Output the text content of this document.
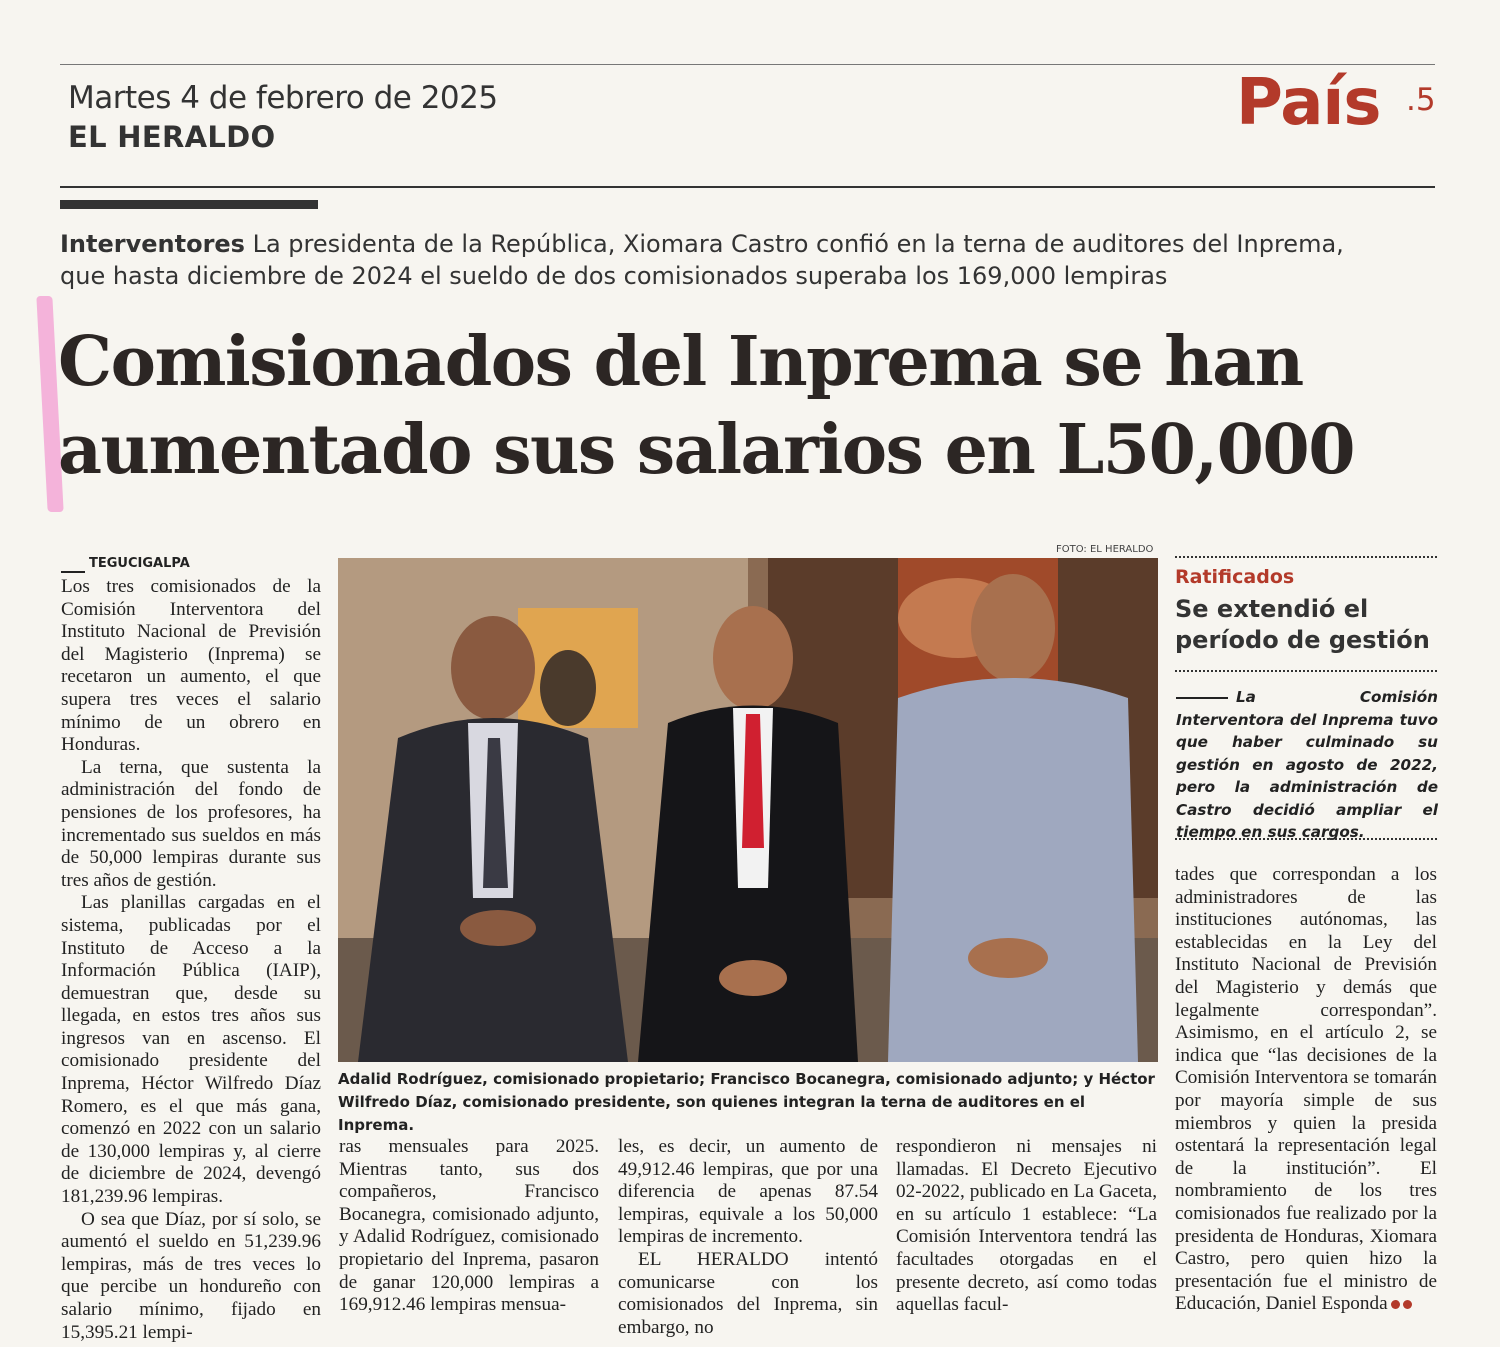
Martes 4 de febrero de 2025
EL HERALDO	País .5
Interventores La presidenta de la República, Xiomara Castro confió en la terna de auditores del Inprema,
que hasta diciembre de 2024 el sueldo de dos comisionados superaba los 169,000 lempiras
Comisionados del Inprema se han
aumentado sus salarios en L50,000
TEGUCIGALPA

Los tres comisionados de la Comisión Interventora del Instituto Nacional de Previsión del Magisterio (Inprema) se recetaron un aumento, el que supera tres veces el salario mínimo de un obrero en Honduras.

La terna, que sustenta la administración del fondo de pensiones de los profesores, ha incrementado sus sueldos en más de 50,000 lempiras durante sus tres años de gestión.

Las planillas cargadas en el sistema, publicadas por el Instituto de Acceso a la Información Pública (IAIP), demuestran que, desde su llegada, en estos tres años sus ingresos van en ascenso. El comisionado presidente del Inprema, Héctor Wilfredo Díaz Romero, es el que más gana, comenzó en 2022 con un salario de 130,000 lempiras y, al cierre de diciembre de 2024, devengó 181,239.96 lempiras.

O sea que Díaz, por sí solo, se aumentó el sueldo en 51,239.96 lempiras, más de tres veces lo que percibe un hondureño con salario mínimo, fijado en 15,395.21 lempi-

FOTO: EL HERALDO
Adalid Rodríguez, comisionado propietario; Francisco Bocanegra, comisionado adjunto; y Héctor Wilfredo Díaz, comisionado presidente, son quienes integran la terna de auditores en el Inprema.

ras mensuales para 2025. Mientras tanto, sus dos compañeros, Francisco Bocanegra, comisionado adjunto, y Adalid Rodríguez, comisionado propietario del Inprema, pasaron de ganar 120,000 lempiras a 169,912.46 lempiras mensua-

les, es decir, un aumento de 49,912.46 lempiras, que por una diferencia de apenas 87.54 lempiras, equivale a los 50,000 lempiras de incremento.

EL HERALDO intentó comunicarse con los comisionados del Inprema, sin embargo, no

respondieron ni mensajes ni llamadas. El Decreto Ejecutivo 02-2022, publicado en La Gaceta, en su artículo 1 establece: “La Comisión Interventora tendrá las facultades otorgadas en el presente decreto, así como todas aquellas facul-

Ratificados
Se extendió el período de gestión
La Comisión Interventora del Inprema tuvo que haber culminado su gestión en agosto de 2022, pero la administración de Castro decidió ampliar el tiempo en sus cargos.

tades que correspondan a los administradores de las instituciones autónomas, las establecidas en la Ley del Instituto Nacional de Previsión del Magisterio y demás que legalmente correspondan”. Asimismo, en el artículo 2, se indica que “las decisiones de la Comisión Interventora se tomarán por mayoría simple de sus miembros y quien la presida ostentará la representación legal de la institución”. El nombramiento de los tres comisionados fue realizado por la presidenta de Honduras, Xiomara Castro, pero quien hizo la presentación fue el ministro de Educación, Daniel Esponda
